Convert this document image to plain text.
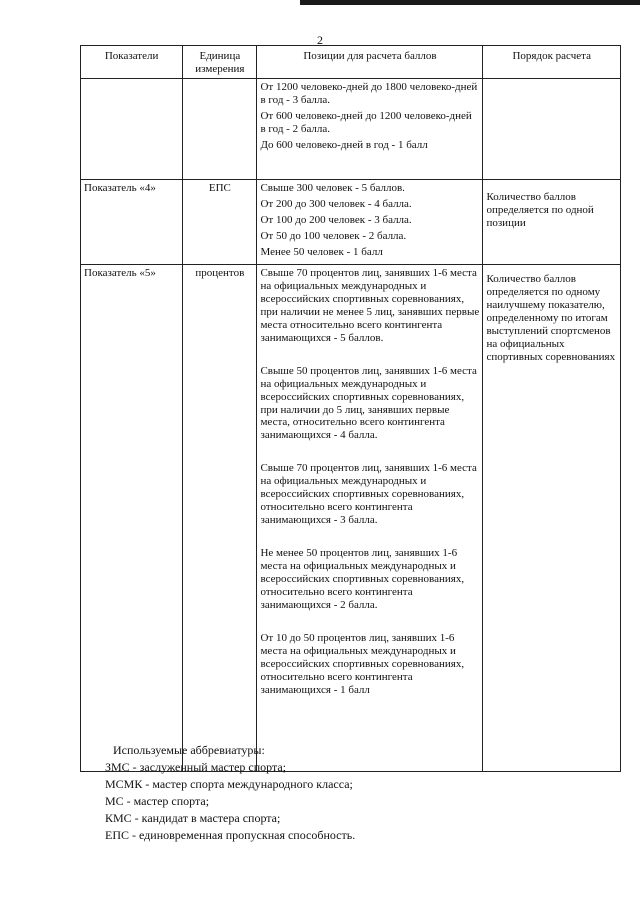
2
Показатели	Единица измерения	Позиции для расчета баллов	Порядок расчета

		От 1200 человеко-дней до 1800 человеко-дней в год - 3 балла.

От 600 человеко-дней до 1200 человеко-дней в год - 2 балла.

До 600 человеко-дней в год - 1 балл	

Показатель «4»	ЕПС	Свыше 300 человек - 5 баллов.

От 200 до 300 человек - 4 балла.

От 100 до 200 человек - 3 балла.

От 50 до 100 человек - 2 балла.

Менее 50 человек - 1 балл	Количество баллов определяется по одной позиции

Показатель «5»	процентов	Свыше 70 процентов лиц, занявших 1-6 места на официальных международных и всероссийских спортивных соревнованиях, при наличии не менее 5 лиц, занявших первые места относительно всего контингента занимающихся - 5 баллов.

Свыше 50 процентов лиц, занявших 1-6 места на официальных международных и всероссийских спортивных соревнованиях, при наличии до 5 лиц, занявших первые места, относительно всего контингента занимающихся - 4 балла.

Свыше 70 процентов лиц, занявших 1-6 места на официальных международных и всероссийских спортивных соревнованиях, относительно всего контингента занимающихся - 3 балла.

Не менее 50 процентов лиц, занявших 1-6 места на официальных международных и всероссийских спортивных соревнованиях, относительно всего контингента занимающихся - 2 балла.

От 10 до 50 процентов лиц, занявших 1-6 места на официальных международных и всероссийских спортивных соревнованиях, относительно всего контингента занимающихся - 1 балл	Количество баллов определяется по одному наилучшему показателю, определенному по итогам выступлений спортсменов на официальных спортивных соревнованиях

Используемые аббревиатуры:

ЗМС - заслуженный мастер спорта;

МСМК - мастер спорта международного класса;

МС - мастер спорта;

КМС - кандидат в мастера спорта;

ЕПС - единовременная пропускная способность.
